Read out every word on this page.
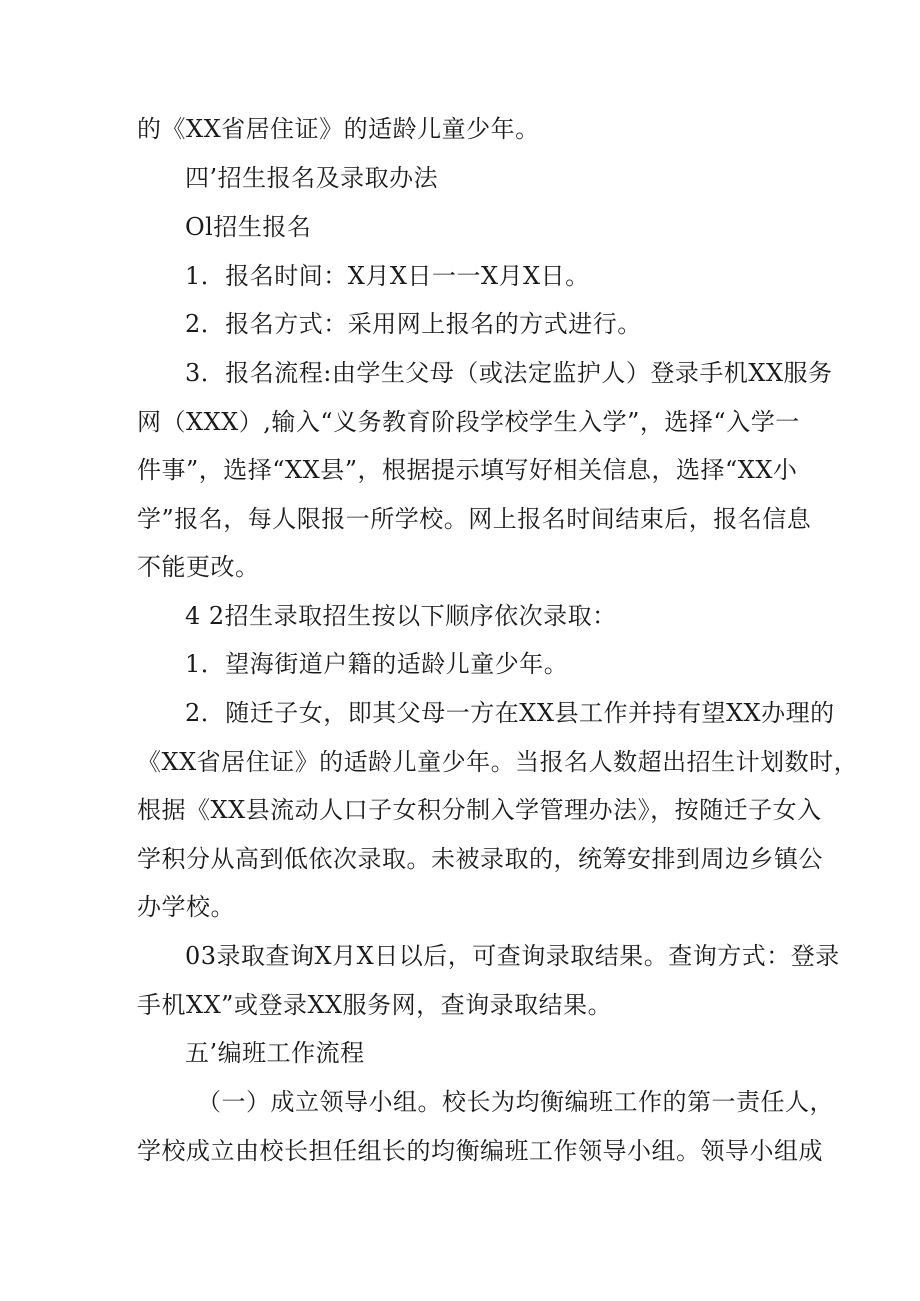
的《XX省居住证》的适龄儿童少年。

四’招生报名及录取办法

Ol招生报名

1．报名时间：X月X日一一X月X日。

2．报名方式：采用网上报名的方式进行。

3．报名流程:由学生父母（或法定监护人）登录手机XX服务
网（XXX）,输入“义务教育阶段学校学生入学”，选择“入学一
件事”，选择“XX县”，根据提示填写好相关信息，选择“XX小
学”报名，每人限报一所学校。网上报名时间结束后，报名信息
不能更改。

4 2招生录取招生按以下顺序依次录取：

1．望海街道户籍的适龄儿童少年。

2．随迁子女，即其父母一方在XX县工作并持有望XX办理的
《XX省居住证》的适龄儿童少年。当报名人数超出招生计划数时，
根据《XX县流动人口子女积分制入学管理办法》，按随迁子女入
学积分从高到低依次录取。未被录取的，统筹安排到周边乡镇公
办学校。

03录取查询X月X日以后，可查询录取结果。查询方式：登录
手机XX”或登录XX服务网，查询录取结果。

五’编班工作流程

（一）成立领导小组。校长为均衡编班工作的第一责任人，
学校成立由校长担任组长的均衡编班工作领导小组。领导小组成
